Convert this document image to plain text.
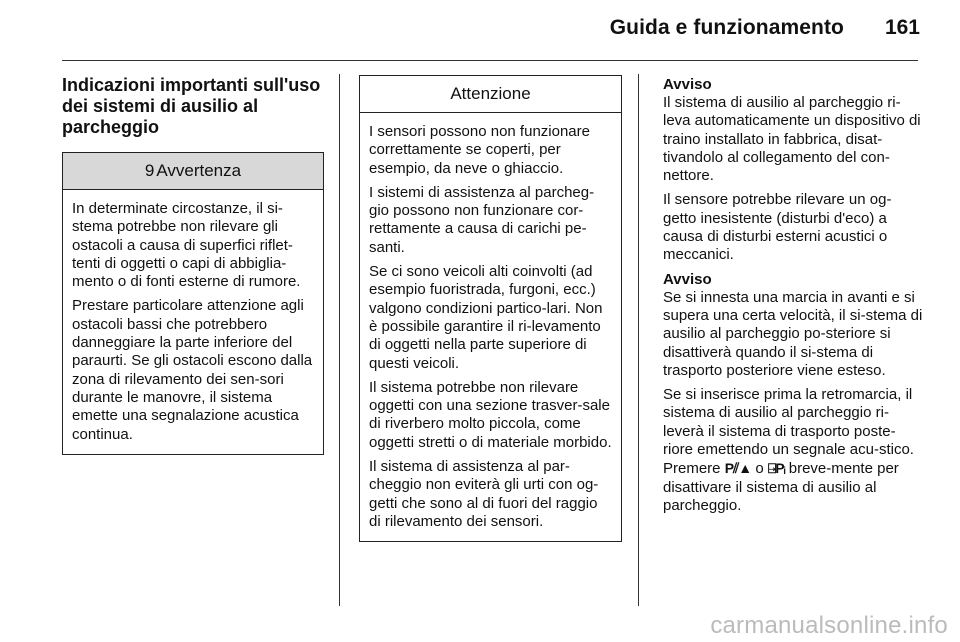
Guida e funzionamento 161
Indicazioni importanti sull'uso dei sistemi di ausilio al parcheggio
9 Avvertenza

In determinate circostanze, il si-stema potrebbe non rilevare gli ostacoli a causa di superfici riflet-tenti di oggetti o capi di abbiglia-mento o di fonti esterne di rumore.

Prestare particolare attenzione agli ostacoli bassi che potrebbero danneggiare la parte inferiore del paraurti. Se gli ostacoli escono dalla zona di rilevamento dei sen-sori durante le manovre, il sistema emette una segnalazione acustica continua.

Attenzione

I sensori possono non funzionare correttamente se coperti, per esempio, da neve o ghiaccio.

I sistemi di assistenza al parcheg-gio possono non funzionare cor-rettamente a causa di carichi pe-santi.

Se ci sono veicoli alti coinvolti (ad esempio fuoristrada, furgoni, ecc.) valgono condizioni partico-lari. Non è possibile garantire il ri-levamento di oggetti nella parte superiore di questi veicoli.

Il sistema potrebbe non rilevare oggetti con una sezione trasver-sale di riverbero molto piccola, come oggetti stretti o di materiale morbido.

Il sistema di assistenza al par-cheggio non eviterà gli urti con og-getti che sono al di fuori del raggio di rilevamento dei sensori.

Avviso

Il sistema di ausilio al parcheggio ri-leva automaticamente un dispositivo di traino installato in fabbrica, disat-tivandolo al collegamento del con-nettore.

Il sensore potrebbe rilevare un og-getto inesistente (disturbi d'eco) a causa di disturbi esterni acustici o meccanici.

Avviso

Se si innesta una marcia in avanti e si supera una certa velocità, il si-stema di ausilio al parcheggio po-steriore si disattiverà quando il si-stema di trasporto posteriore viene esteso.

Se si inserisce prima la retromarcia, il sistema di ausilio al parcheggio ri-leverà il sistema di trasporto poste-riore emettendo un segnale acu-stico. Premere P⫽▲ o ⍈Pᵢ breve-mente per disattivare il sistema di ausilio al parcheggio.

carmanualsonline.info
